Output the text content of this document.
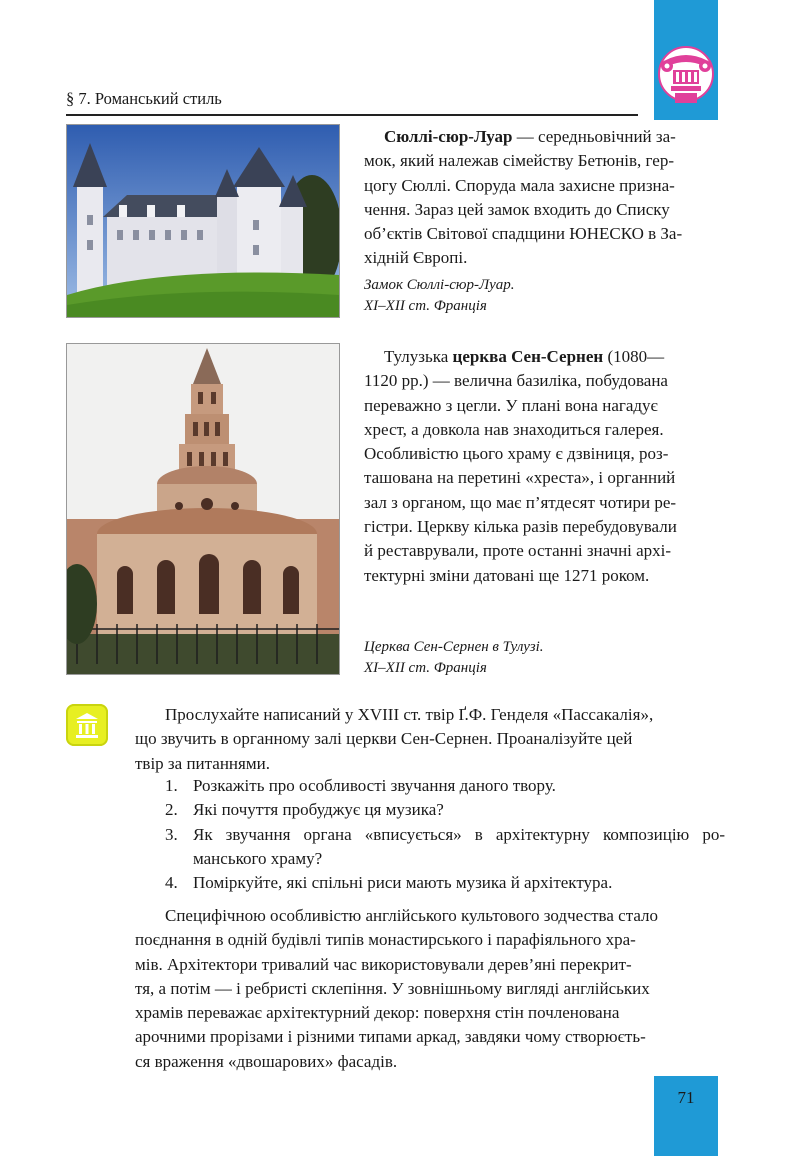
71
§ 7. Романський стиль
Сюллі-сюр-Луар — середньовічний за-
мок, який належав сімейству Бетюнів, гер-
цогу Сюллі. Споруда мала захисне призна-
чення. Зараз цей замок входить до Списку
об’єктів Світової спадщини ЮНЕСКО в За-
хідній Європі.
Замок Сюллі-сюр-Луар.
XI–XII ст. Франція
Тулузька церква Сен-Сернен (1080—
1120 рр.) — велична базиліка, побудована
переважно з цегли. У плані вона нагадує
хрест, а довкола нав знаходиться галерея.
Особливістю цього храму є дзвіниця, роз-
ташована на перетині «хреста», і органний
зал з органом, що має п’ятдесят чотири ре-
гістри. Церкву кілька разів перебудовували
й реставрували, проте останні значні архі-
тектурні зміни датовані ще 1271 роком.
Церква Сен-Сернен в Тулузі.
XI–XII ст. Франція
Прослухайте написаний у XVIII ст. твір Ґ.Ф. Генделя «Пассакалія»,
що звучить в органному залі церкви Сен-Сернен. Проаналізуйте цей
твір за питаннями.
1. Розкажіть про особливості звучання даного твору.
2. Які почуття пробуджує ця музика?
3. Як звучання органа «вписується» в архітектурну композицію ро-манського храму?
4. Поміркуйте, які спільні риси мають музика й архітектура.
Специфічною особливістю англійського культового зодчества стало
поєднання в одній будівлі типів монастирського і парафіяльного хра-
мів. Архітектори тривалий час використовували дерев’яні перекрит-
тя, а потім — і ребристі склепіння. У зовнішньому вигляді англійських
храмів переважає архітектурний декор: поверхня стін почленована
арочними прорізами і різними типами аркад, завдяки чому створюєть-
ся враження «двошарових» фасадів.
